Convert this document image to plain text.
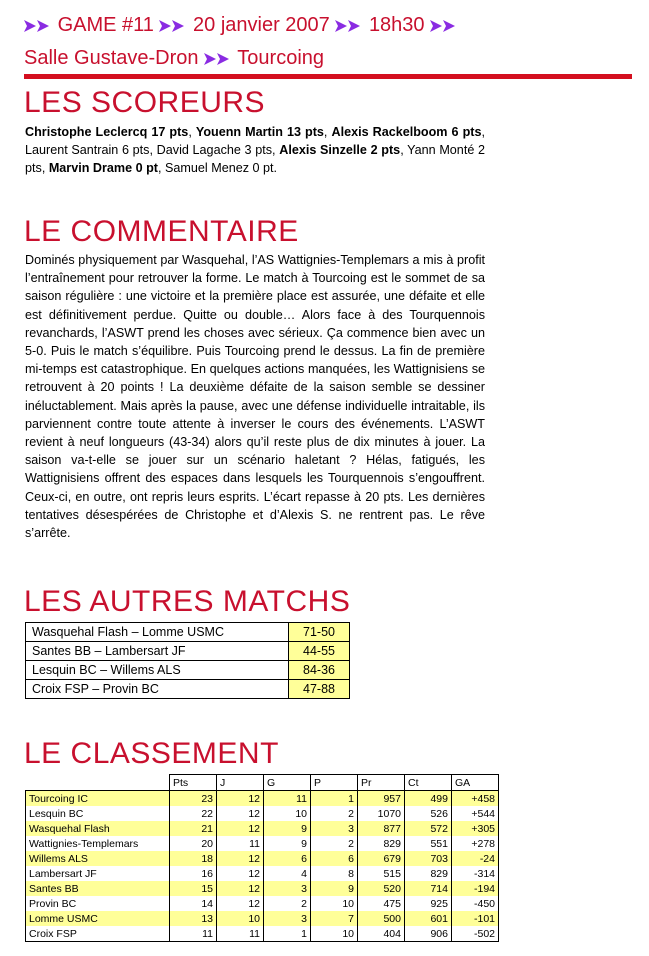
GAME #11 20 janvier 2007 18h30
Salle Gustave-Dron Tourcoing
LES SCOREURS
Christophe Leclercq 17 pts, Youenn Martin 13 pts, Alexis Rackelboom 6 pts, Laurent Santrain 6 pts, David Lagache 3 pts, Alexis Sinzelle 2 pts, Yann Monté 2 pts, Marvin Drame 0 pt, Samuel Menez 0 pt.
LE COMMENTAIRE
Dominés physiquement par Wasquehal, l’AS Wattignies-Templemars a mis à profit l’entraînement pour retrouver la forme. Le match à Tourcoing est le sommet de sa saison régulière : une victoire et la première place est assurée, une défaite et elle est définitivement perdue. Quitte ou double… Alors face à des Tourquennois revanchards, l’ASWT prend les choses avec sérieux. Ça commence bien avec un 5-0. Puis le match s’équilibre. Puis Tourcoing prend le dessus. La fin de première mi-temps est catastrophique. En quelques actions manquées, les Wattignisiens se retrouvent à 20 points ! La deuxième défaite de la saison semble se dessiner inéluctablement. Mais après la pause, avec une défense individuelle intraitable, ils parviennent contre toute attente à inverser le cours des événements. L’ASWT revient à neuf longueurs (43-34) alors qu’il reste plus de dix minutes à jouer. La saison va-t-elle se jouer sur un scénario haletant ? Hélas, fatigués, les Wattignisiens offrent des espaces dans lesquels les Tourquennois s’engouffrent. Ceux-ci, en outre, ont repris leurs esprits. L’écart repasse à 20 pts. Les dernières tentatives désespérées de Christophe et d’Alexis S. ne rentrent pas. Le rêve s’arrête.
LES AUTRES MATCHS
Wasquehal Flash – Lomme USMC	71-50
Santes BB – Lambersart JF	44-55
Lesquin BC – Willems ALS	84-36
Croix FSP – Provin BC	47-88
LE CLASSEMENT
	Pts	J	G	P	Pr	Ct	GA
Tourcoing IC	23	12	11	1	957	499	+458
Lesquin BC	22	12	10	2	1070	526	+544
Wasquehal Flash	21	12	9	3	877	572	+305
Wattignies-Templemars	20	11	9	2	829	551	+278
Willems ALS	18	12	6	6	679	703	-24
Lambersart JF	16	12	4	8	515	829	-314
Santes BB	15	12	3	9	520	714	-194
Provin BC	14	12	2	10	475	925	-450
Lomme USMC	13	10	3	7	500	601	-101
Croix FSP	11	11	1	10	404	906	-502
